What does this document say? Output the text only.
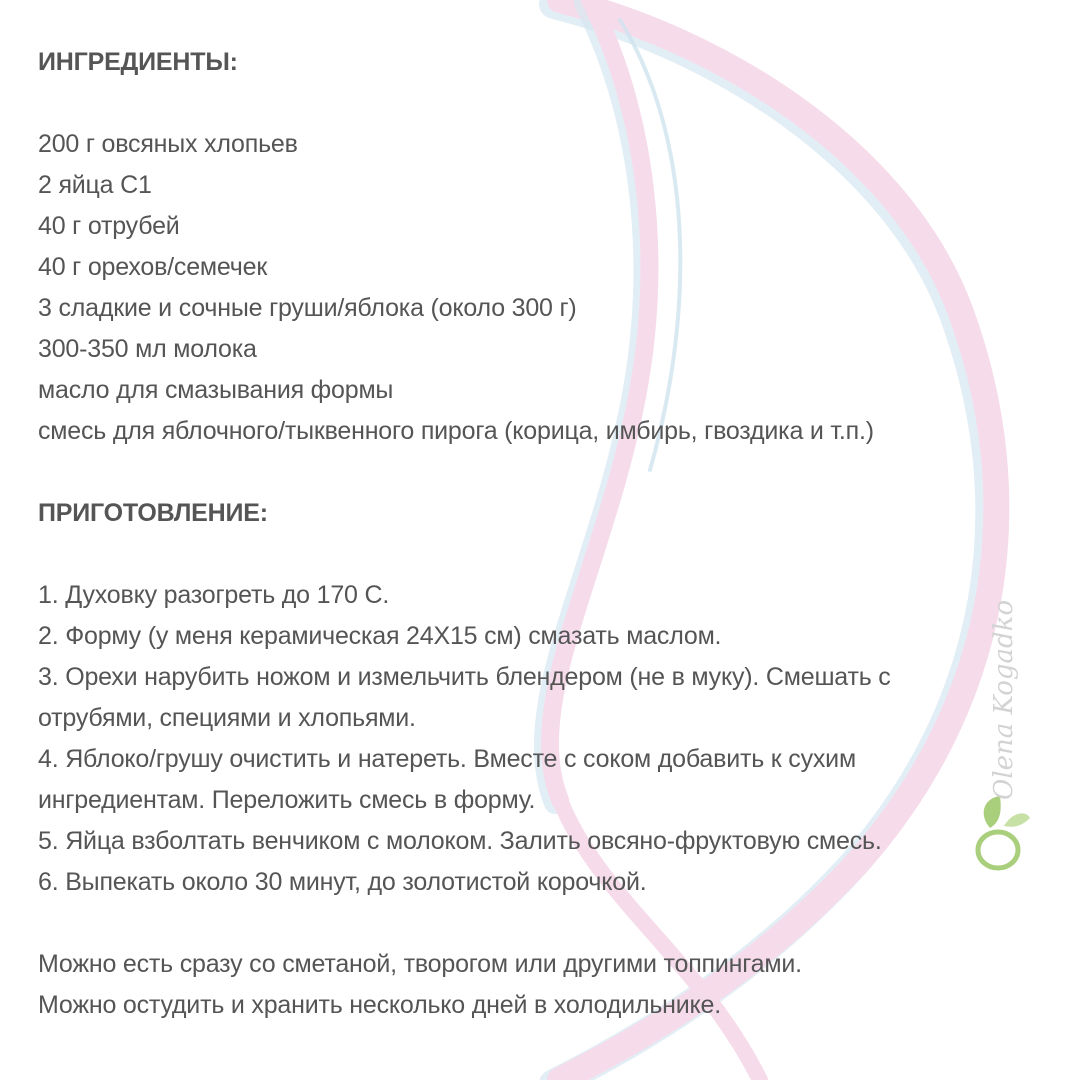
Olena Kogadkova
ИНГРЕДИЕНТЫ:
200 г овсяных хлопьев
2 яйца С1
40 г отрубей
40 г орехов/семечек
3 сладкие и сочные груши/яблока (около 300 г)
300-350 мл молока
масло для смазывания формы
смесь для яблочного/тыквенного пирога (корица, имбирь, гвоздика и т.п.)
ПРИГОТОВЛЕНИЕ:
1. Духовку разогреть до 170 С.
2. Форму (у меня керамическая 24Х15 см) смазать маслом.
3. Орехи нарубить ножом и измельчить блендером (не в муку). Смешать с
отрубями, специями и хлопьями.
4. Яблоко/грушу очистить и натереть. Вместе с соком добавить к сухим
ингредиентам. Переложить смесь в форму.
5. Яйца взболтать венчиком с молоком. Залить овсяно-фруктовую смесь.
6. Выпекать около 30 минут, до золотистой корочкой.
Можно есть сразу со сметаной, творогом или другими топпингами.
Можно остудить и хранить несколько дней в холодильнике.
